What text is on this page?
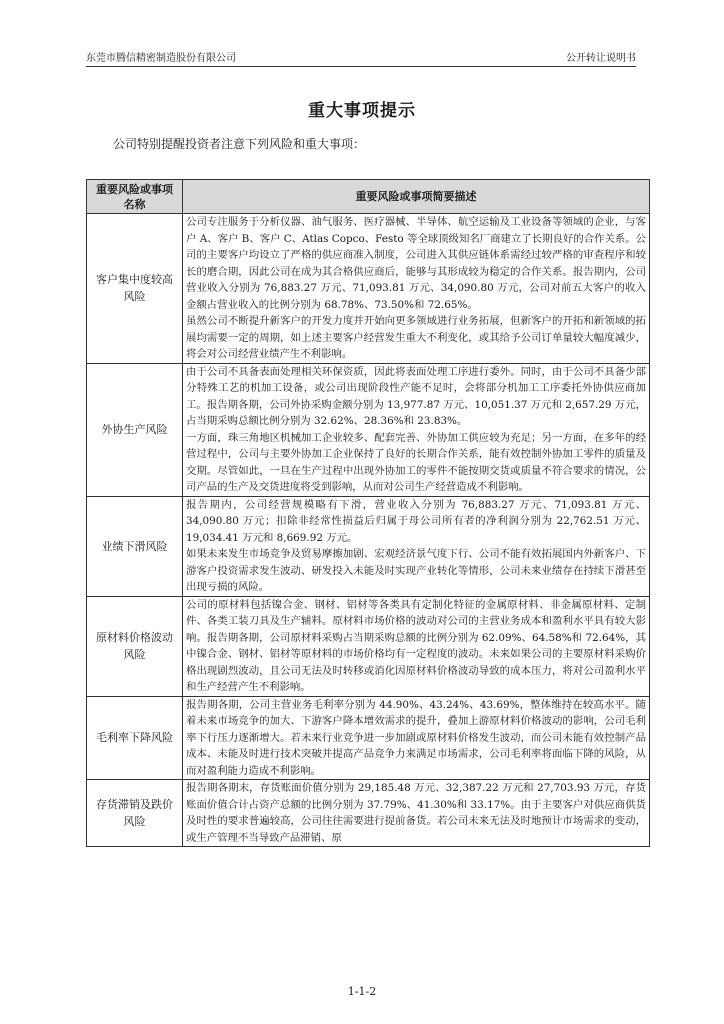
东莞市腾信精密制造股份有限公司	公开转让说明书
重大事项提示
公司特别提醒投资者注意下列风险和重大事项：
重要风险或事项名称	重要风险或事项简要描述
客户集中度较高风险	公司专注服务于分析仪器、油气服务、医疗器械、半导体、航空运输及工业设备等领域的企业，与客户 A、客户 B、客户 C、Atlas Copco、Festo 等全球顶级知名厂商建立了长期良好的合作关系。公司的主要客户均设立了严格的供应商准入制度，公司进入其供应链体系需经过较严格的审查程序和较长的磨合期，因此公司在成为其合格供应商后，能够与其形成较为稳定的合作关系。报告期内，公司营业收入分别为 76,883.27 万元、71,093.81 万元、34,090.80 万元，公司对前五大客户的收入金额占营业收入的比例分别为 68.78%、73.50%和 72.65%。

虽然公司不断提升新客户的开发力度并开始向更多领域进行业务拓展，但新客户的开拓和新领域的拓展均需要一定的周期，如上述主要客户经营发生重大不利变化，或其给予公司订单量较大幅度减少，将会对公司经营业绩产生不利影响。

外协生产风险	由于公司不具备表面处理相关环保资质，因此将表面处理工序进行委外。同时，由于公司不具备少部分特殊工艺的机加工设备，或公司出现阶段性产能不足时，会将部分机加工工序委托外协供应商加工。报告期各期，公司外协采购金额分别为 13,977.87 万元、10,051.37 万元和 2,657.29 万元，占当期采购总额比例分别为 32.62%、28.36%和 23.83%。

一方面，珠三角地区机械加工企业较多、配套完善、外协加工供应较为充足；另一方面，在多年的经营过程中，公司与主要外协加工企业保持了良好的长期合作关系，能有效控制外协加工零件的质量及交期。尽管如此，一旦在生产过程中出现外协加工的零件不能按期交货或质量不符合要求的情况，公司产品的生产及交货进度将受到影响，从而对公司生产经营造成不利影响。

业绩下滑风险	报告期内，公司经营规模略有下滑，营业收入分别为 76,883.27 万元、71,093.81 万元、34,090.80 万元；扣除非经常性损益后归属于母公司所有者的净利润分别为 22,762.51 万元、19,034.41 万元和 8,669.92 万元。

如果未来发生市场竞争及贸易摩擦加剧、宏观经济景气度下行、公司不能有效拓展国内外新客户、下游客户投资需求发生波动、研发投入未能及时实现产业转化等情形，公司未来业绩存在持续下滑甚至出现亏损的风险。

原材料价格波动风险	公司的原材料包括镍合金、钢材、铝材等各类具有定制化特征的金属原材料、非金属原材料、定制件、各类工装刀具及生产辅料。原材料市场价格的波动对公司的主营业务成本和盈利水平具有较大影响。报告期各期，公司原材料采购占当期采购总额的比例分别为 62.09%、64.58%和 72.64%，其中镍合金、钢材、铝材等原材料的市场价格均有一定程度的波动。未来如果公司的主要原材料采购价格出现剧烈波动，且公司无法及时转移或消化因原材料价格波动导致的成本压力，将对公司盈利水平和生产经营产生不利影响。

毛利率下降风险	报告期各期，公司主营业务毛利率分别为 44.90%、43.24%、43.69%，整体维持在较高水平。随着未来市场竞争的加大、下游客户降本增效需求的提升，叠加上游原材料价格波动的影响，公司毛利率下行压力逐渐增大。若未来行业竞争进一步加剧或原材料价格发生波动，而公司未能有效控制产品成本、未能及时进行技术突破并提高产品竞争力来满足市场需求，公司毛利率将面临下降的风险，从而对盈利能力造成不利影响。

存货滞销及跌价风险	报告期各期末，存货账面价值分别为 29,185.48 万元、32,387.22 万元和 27,703.93 万元，存货账面价值合计占资产总额的比例分别为 37.79%、41.30%和 33.17%。由于主要客户对供应商供货及时性的要求普遍较高，公司往往需要进行提前备货。若公司未来无法及时地预计市场需求的变动，或生产管理不当导致产品滞销、原

1-1-2
